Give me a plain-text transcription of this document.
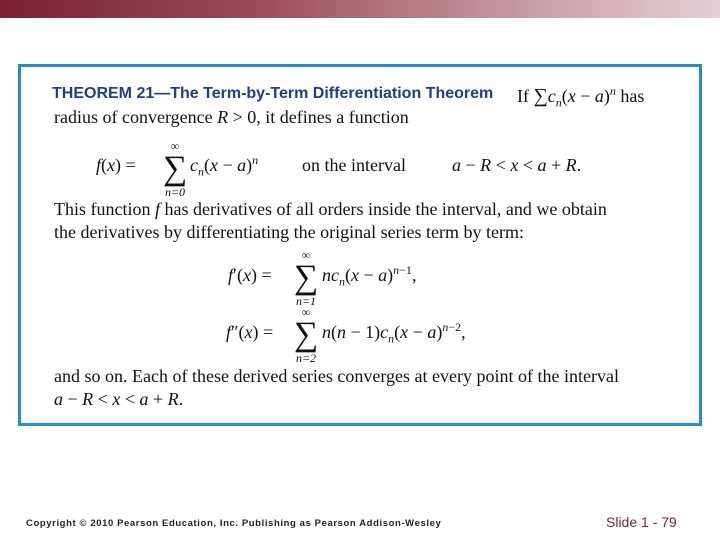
THEOREM 21—The Term-by-Term Differentiation Theorem If $\sum c_n(x - a)^n$ has
radius of convergence R > 0, it defines a function
f(x) =
∞
∑
n=0
$c_n(x - a)^n$ on the interval	a − R < x < a + R.
This function f has derivatives of all orders inside the interval, and we obtain
the derivatives by differentiating the original series term by term:
f′(x) =
∞
∑
n=1
$nc_n(x - a)^{n-1}$,
f″(x) =
∞
∑
n=2
$n(n - 1)c_n(x - a)^{n-2}$,
and so on. Each of these derived series converges at every point of the interval
a − R < x < a + R.
Copyright © 2010 Pearson Education, Inc. Publishing as Pearson Addison-Wesley	Slide 1 - 79
